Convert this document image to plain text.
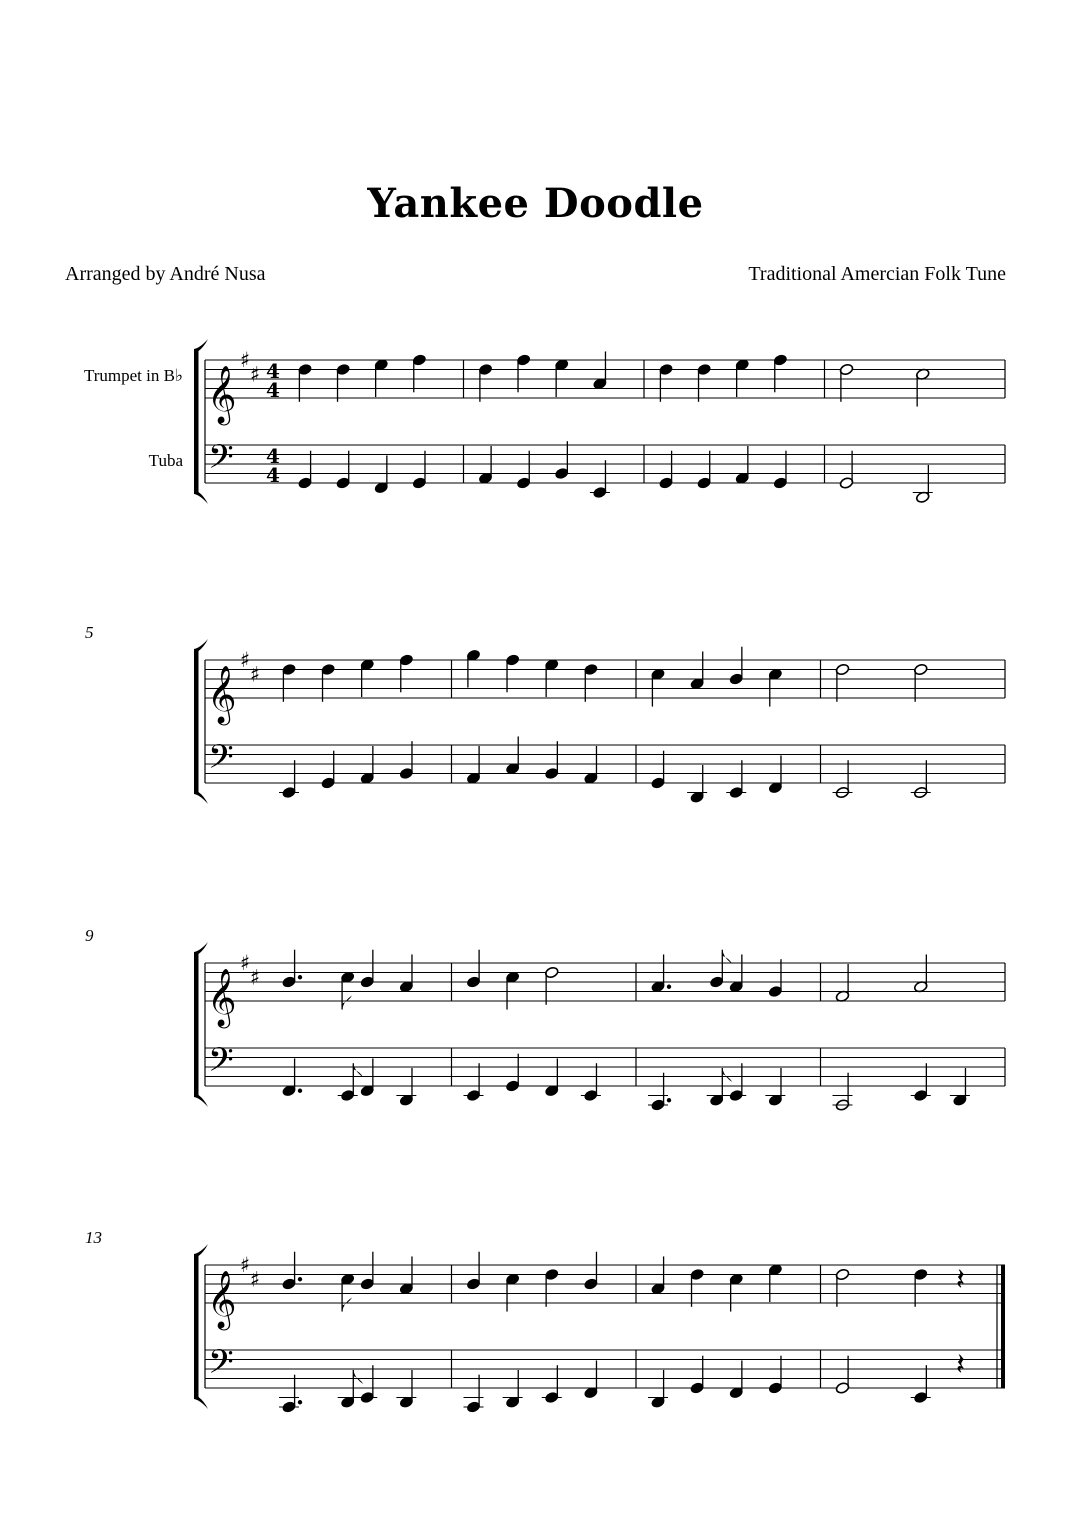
Yankee Doodle
Arranged by André Nusa	Traditional Amercian Folk Tune
𝄞
𝄢
♯
♯ 4
4
4
4
Trumpet in B♭
Tuba
𝄞
𝄢
♯
♯
5
𝄞
𝄢
♯
♯
9
𝄞
𝄢
♯
♯
13
𝄽
𝄽
